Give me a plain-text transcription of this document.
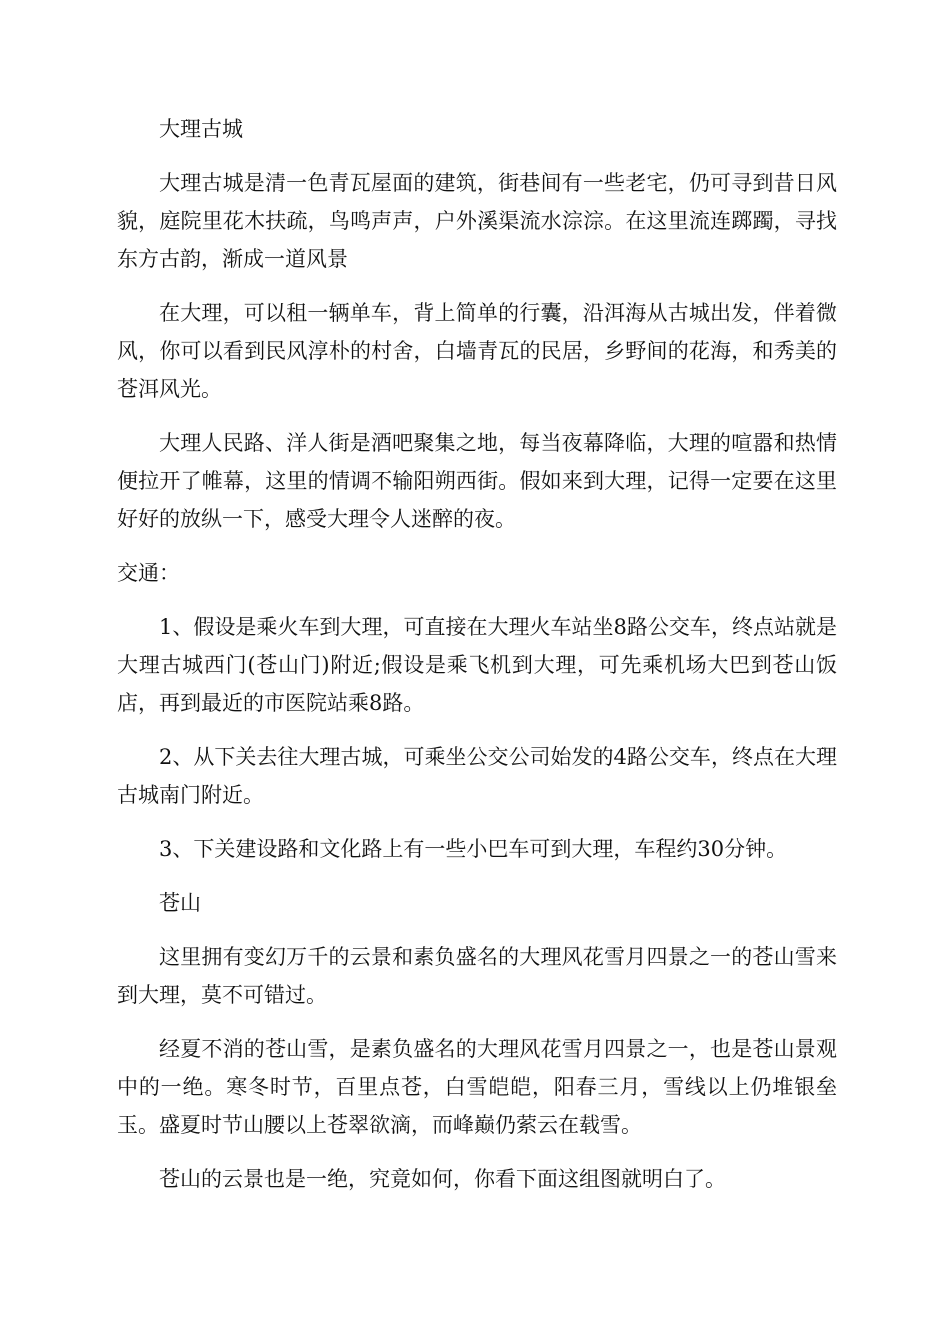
大理古城

大理古城是清一色青瓦屋面的建筑，街巷间有一些老宅，仍可寻到昔日风貌，庭院里花木扶疏，鸟鸣声声，户外溪渠流水淙淙。在这里流连踯躅，寻找东方古韵，渐成一道风景

在大理，可以租一辆单车，背上简单的行囊，沿洱海从古城出发，伴着微风，你可以看到民风淳朴的村舍，白墙青瓦的民居，乡野间的花海，和秀美的苍洱风光。

大理人民路、洋人街是酒吧聚集之地，每当夜幕降临，大理的喧嚣和热情便拉开了帷幕，这里的情调不输阳朔西街。假如来到大理，记得一定要在这里好好的放纵一下，感受大理令人迷醉的夜。

交通：

1、假设是乘火车到大理，可直接在大理火车站坐8路公交车，终点站就是大理古城西门(苍山门)附近;假设是乘飞机到大理，可先乘机场大巴到苍山饭店，再到最近的市医院站乘8路。

2、从下关去往大理古城，可乘坐公交公司始发的4路公交车，终点在大理古城南门附近。

3、下关建设路和文化路上有一些小巴车可到大理，车程约30分钟。

苍山

这里拥有变幻万千的云景和素负盛名的大理风花雪月四景之一的苍山雪来到大理，莫不可错过。

经夏不消的苍山雪，是素负盛名的大理风花雪月四景之一，也是苍山景观中的一绝。寒冬时节，百里点苍，白雪皑皑，阳春三月，雪线以上仍堆银垒玉。盛夏时节山腰以上苍翠欲滴，而峰巅仍萦云在载雪。

苍山的云景也是一绝，究竟如何，你看下面这组图就明白了。
